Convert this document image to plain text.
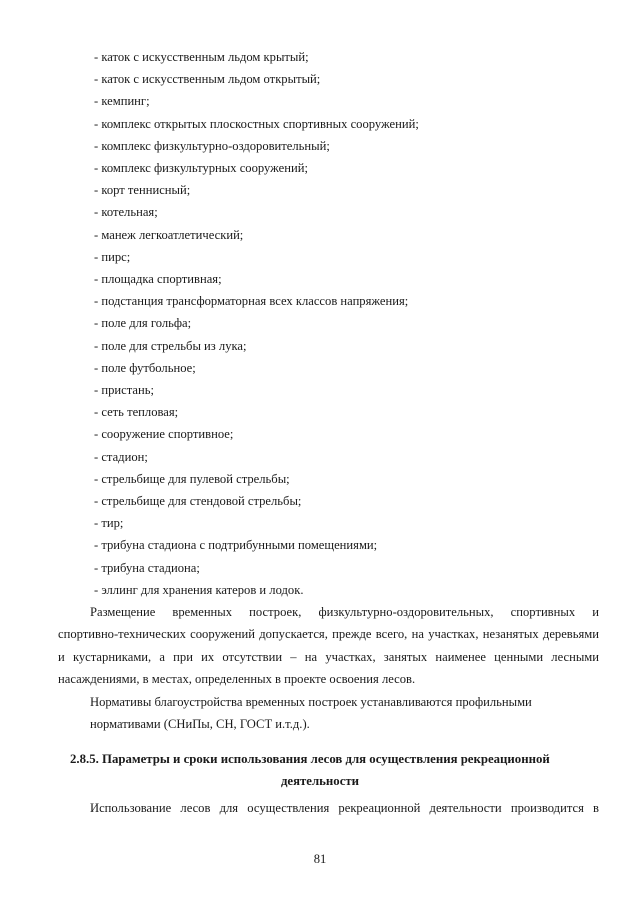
- каток с искусственным льдом крытый;
- каток с искусственным льдом открытый;
- кемпинг;
- комплекс открытых плоскостных спортивных сооружений;
- комплекс физкультурно-оздоровительный;
- комплекс физкультурных сооружений;
- корт теннисный;
- котельная;
- манеж легкоатлетический;
- пирс;
- площадка спортивная;
- подстанция трансформаторная всех классов напряжения;
- поле для гольфа;
- поле для стрельбы из лука;
- поле футбольное;
- пристань;
- сеть тепловая;
- сооружение спортивное;
- стадион;
- стрельбище для пулевой стрельбы;
- стрельбище для стендовой стрельбы;
- тир;
- трибуна стадиона с подтрибунными помещениями;
- трибуна стадиона;
- эллинг для хранения катеров и лодок.
Размещение временных построек, физкультурно-оздоровительных, спортивных и
спортивно-технических сооружений допускается, прежде всего, на участках, незанятых деревьями
и кустарниками, а при их отсутствии – на участках, занятых наименее ценными лесными
насаждениями, в местах, определенных в проекте освоения лесов.
Нормативы благоустройства временных построек устанавливаются профильными
нормативами (СНиПы, СН, ГОСТ и.т.д.).
2.8.5. Параметры и сроки использования лесов для осуществления рекреационной
деятельности
Использование лесов для осуществления рекреационной деятельности производится в
81
